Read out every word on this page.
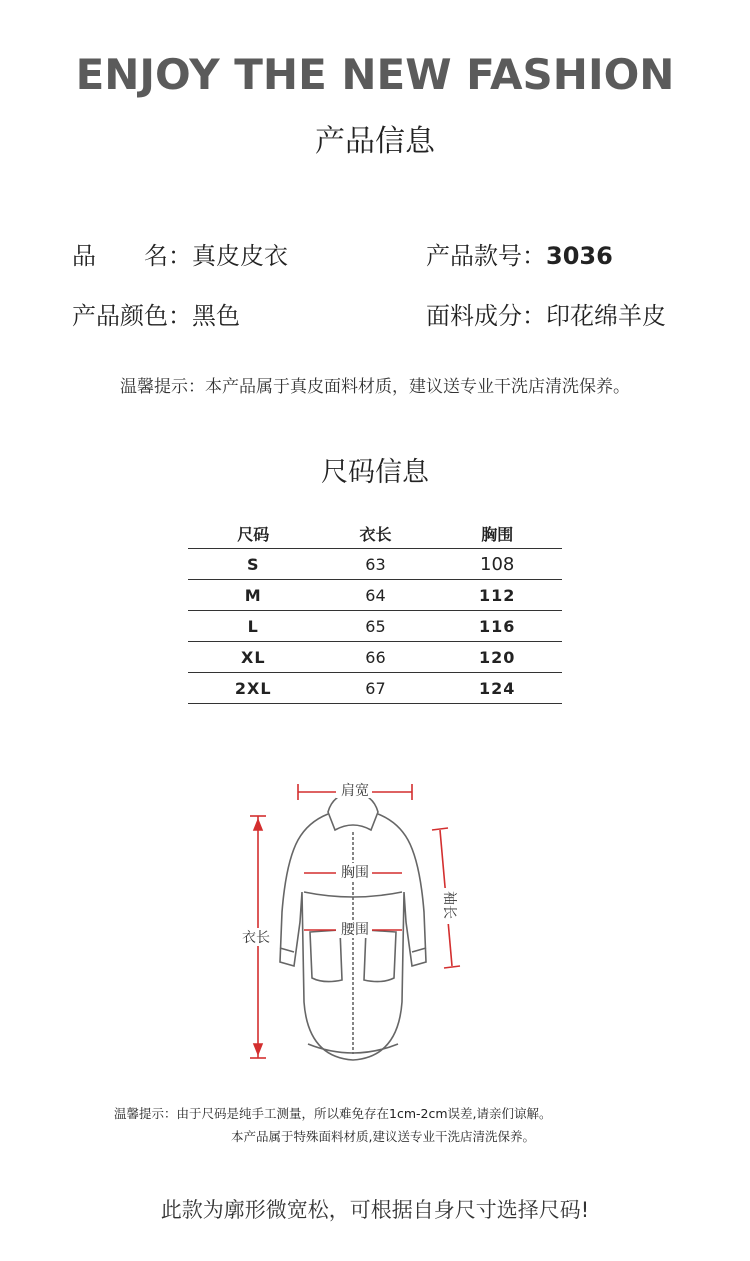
ENJOY THE NEW FASHION
产品信息
品　　名：真皮皮衣	产品款号：3036
产品颜色：黑色	面料成分：印花绵羊皮
温馨提示：本产品属于真皮面料材质，建议送专业干洗店清洗保养。
尺码信息
尺码	衣长	胸围
S	63	108
M	64	112
L	65	116
XL	66	120
2XL	67	124
肩宽
胸围
腰围
衣长
袖长
温馨提示：由于尺码是纯手工测量，所以难免存在1cm-2cm误差,请亲们谅解。
本产品属于特殊面料材质,建议送专业干洗店清洗保养。
此款为廓形微宽松，可根据自身尺寸选择尺码!
